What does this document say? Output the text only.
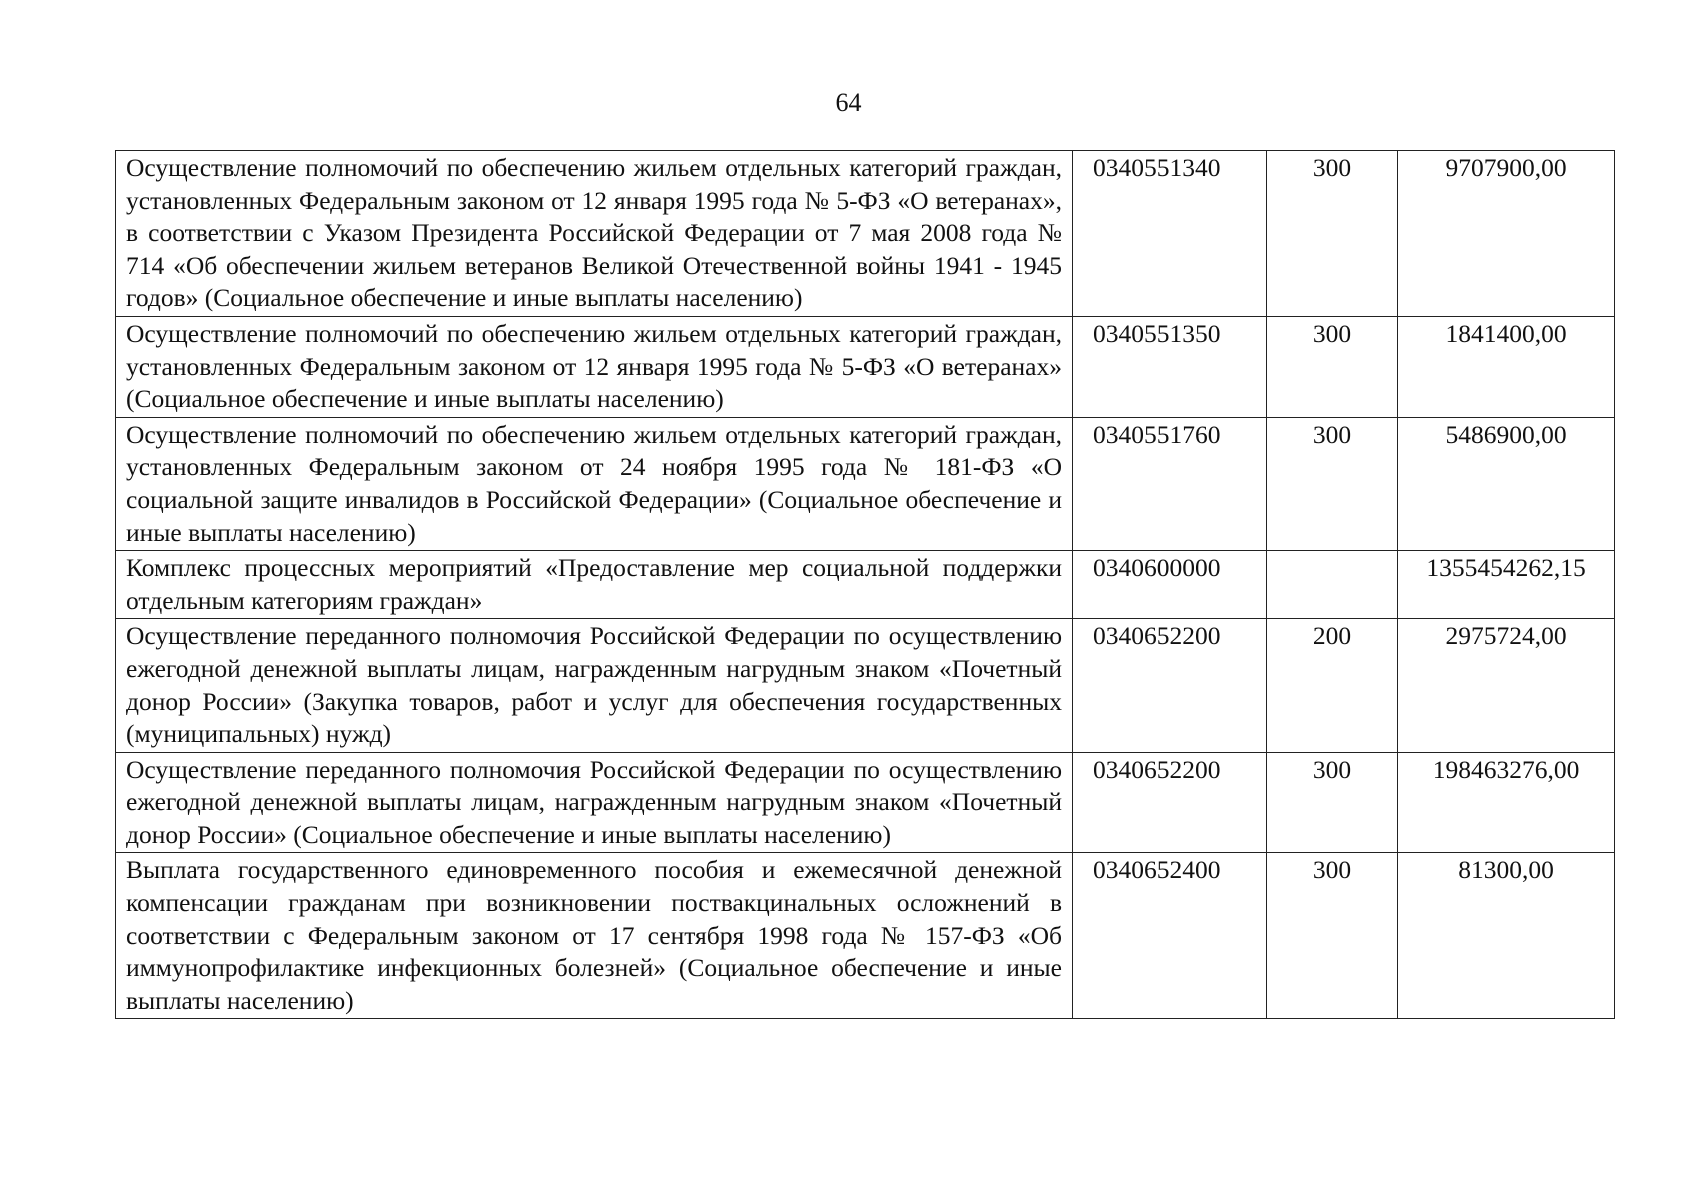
64
Осуществление полномочий по обеспечению жильем отдельных категорий граждан, установленных Федеральным законом от 12 января 1995 года № 5-ФЗ «О ветеранах», в соответствии с Указом Президента Российской Федерации от 7 мая 2008 года № 714 «Об обеспечении жильем ветеранов Великой Отечественной войны 1941 - 1945 годов» (Социальное обеспечение и иные выплаты населению)	0340551340	300	9707900,00
Осуществление полномочий по обеспечению жильем отдельных категорий граждан, установленных Федеральным законом от 12 января 1995 года № 5-ФЗ «О ветеранах» (Социальное обеспечение и иные выплаты населению)	0340551350	300	1841400,00
Осуществление полномочий по обеспечению жильем отдельных категорий граждан, установленных Федеральным законом от 24 ноября 1995 года № 181-ФЗ «О социальной защите инвалидов в Российской Федерации» (Социальное обеспечение и иные выплаты населению)	0340551760	300	5486900,00
Комплекс процессных мероприятий «Предоставление мер социальной поддержки отдельным категориям граждан»	0340600000		1355454262,15
Осуществление переданного полномочия Российской Федерации по осуществлению ежегодной денежной выплаты лицам, награжденным нагрудным знаком «Почетный донор России» (Закупка товаров, работ и услуг для обеспечения государственных (муниципальных) нужд)	0340652200	200	2975724,00
Осуществление переданного полномочия Российской Федерации по осуществлению ежегодной денежной выплаты лицам, награжденным нагрудным знаком «Почетный донор России» (Социальное обеспечение и иные выплаты населению)	0340652200	300	198463276,00
Выплата государственного единовременного пособия и ежемесячной денежной компенсации гражданам при возникновении поствакцинальных осложнений в соответствии с Федеральным законом от 17 сентября 1998 года № 157-ФЗ «Об иммунопрофилактике инфекционных болезней» (Социальное обеспечение и иные выплаты населению)	0340652400	300	81300,00
